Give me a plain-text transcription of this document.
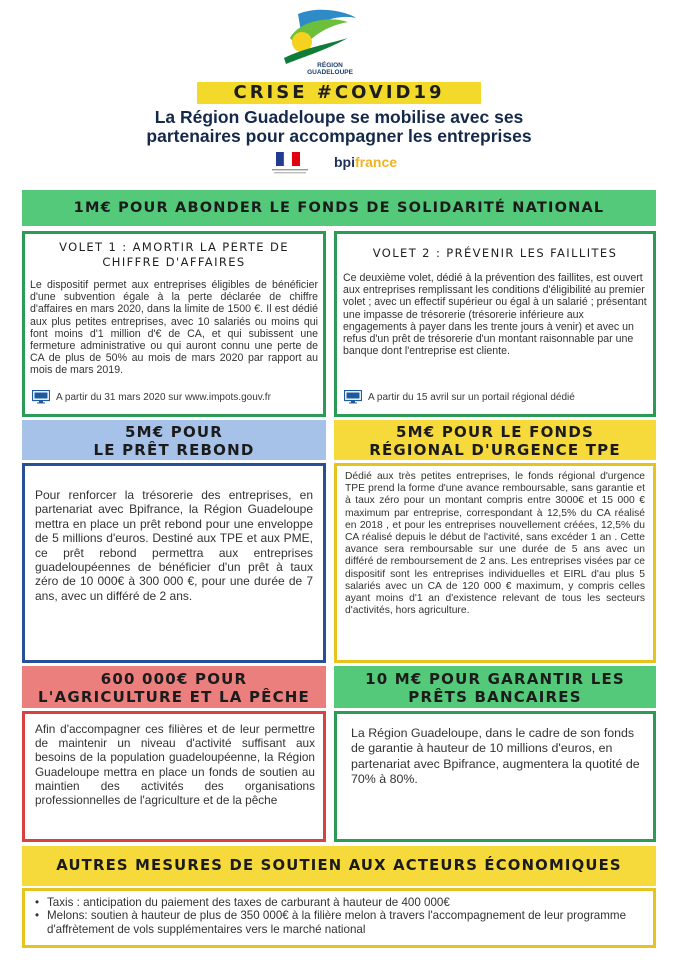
RÉGION
GUADELOUPE
CRISE #COVID19
La Région Guadeloupe se mobilise avec ses
partenaires pour accompagner les entreprises
bpifrance
1M€ POUR ABONDER LE FONDS DE SOLIDARITÉ NATIONAL
VOLET 1 : AMORTIR LA PERTE DE
CHIFFRE D'AFFAIRES
Le dispositif permet aux entreprises éligibles de bénéficier d'une subvention égale à la perte déclarée de chiffre d'affaires en mars 2020, dans la limite de 1500 €. Il est dédié aux plus petites entreprises, avec 10 salariés ou moins qui font moins d'1 million d'€ de CA, et qui subissent une fermeture administrative ou qui auront connu une perte de CA de plus de 50% au mois de mars 2020 par rapport au mois de mars 2019.
A partir du 31 mars 2020 sur www.impots.gouv.fr
VOLET 2 : PRÉVENIR LES FAILLITES
Ce deuxième volet, dédié à la prévention des faillites, est ouvert aux entreprises remplissant les conditions d'éligibilité au premier volet ; avec un effectif supérieur ou égal à un salarié ; présentant une impasse de trésorerie (trésorerie inférieure aux engagements à payer dans les trente jours à venir) et avec un refus d'un prêt de trésorerie d'un montant raisonnable par une banque dont l'entreprise est cliente.
A partir du 15 avril sur un portail régional dédié
5M€ POUR
LE PRÊT REBOND
Pour renforcer la trésorerie des entreprises, en partenariat avec Bpifrance, la Région Guadeloupe mettra en place un prêt rebond pour une enveloppe de 5 millions d'euros. Destiné aux TPE et aux PME, ce prêt rebond permettra aux entreprises guadeloupéennes de bénéficier d'un prêt à taux zéro de 10 000€ à 300 000 €, pour une durée de 7 ans, avec un différé de 2 ans.
5M€ POUR LE FONDS
RÉGIONAL D'URGENCE TPE
Dédié aux très petites entreprises, le fonds régional d'urgence TPE prend la forme d'une avance remboursable, sans garantie et à taux zéro pour un montant compris entre 3000€ et 15 000 € maximum par entreprise, correspondant à 12,5% du CA réalisé en 2018 , et pour les entreprises nouvellement créées, 12,5% du CA réalisé depuis le début de l'activité, sans excéder 1 an . Cette avance sera remboursable sur une durée de 5 ans avec un différé de remboursement de 2 ans. Les entreprises visées par ce dispositif sont les entreprises individuelles et EIRL d'au plus 5 salariés avec un CA de 120 000 € maximum, y compris celles ayant moins d'1 an d'existence relevant de tous les secteurs d'activités, hors agriculture.
600 000€ POUR
L'AGRICULTURE ET LA PÊCHE
Afin d'accompagner ces filières et de leur permettre de maintenir un niveau d'activité suffisant aux besoins de la population guadeloupéenne, la Région Guadeloupe mettra en place un fonds de soutien au maintien des activités des organisations professionnelles de l'agriculture et de la pêche
10 M€ POUR GARANTIR LES
PRÊTS BANCAIRES
La Région Guadeloupe, dans le cadre de son fonds de garantie à hauteur de 10 millions d'euros, en partenariat avec Bpifrance, augmentera la quotité de 70% à 80%.
AUTRES MESURES DE SOUTIEN AUX ACTEURS ÉCONOMIQUES
• Taxis : anticipation du paiement des taxes de carburant à hauteur de 400 000€
• Melons: soutien à hauteur de plus de 350 000€ à la filière melon à travers l'accompagnement de leur programme d'affrètement de vols supplémentaires vers le marché national
